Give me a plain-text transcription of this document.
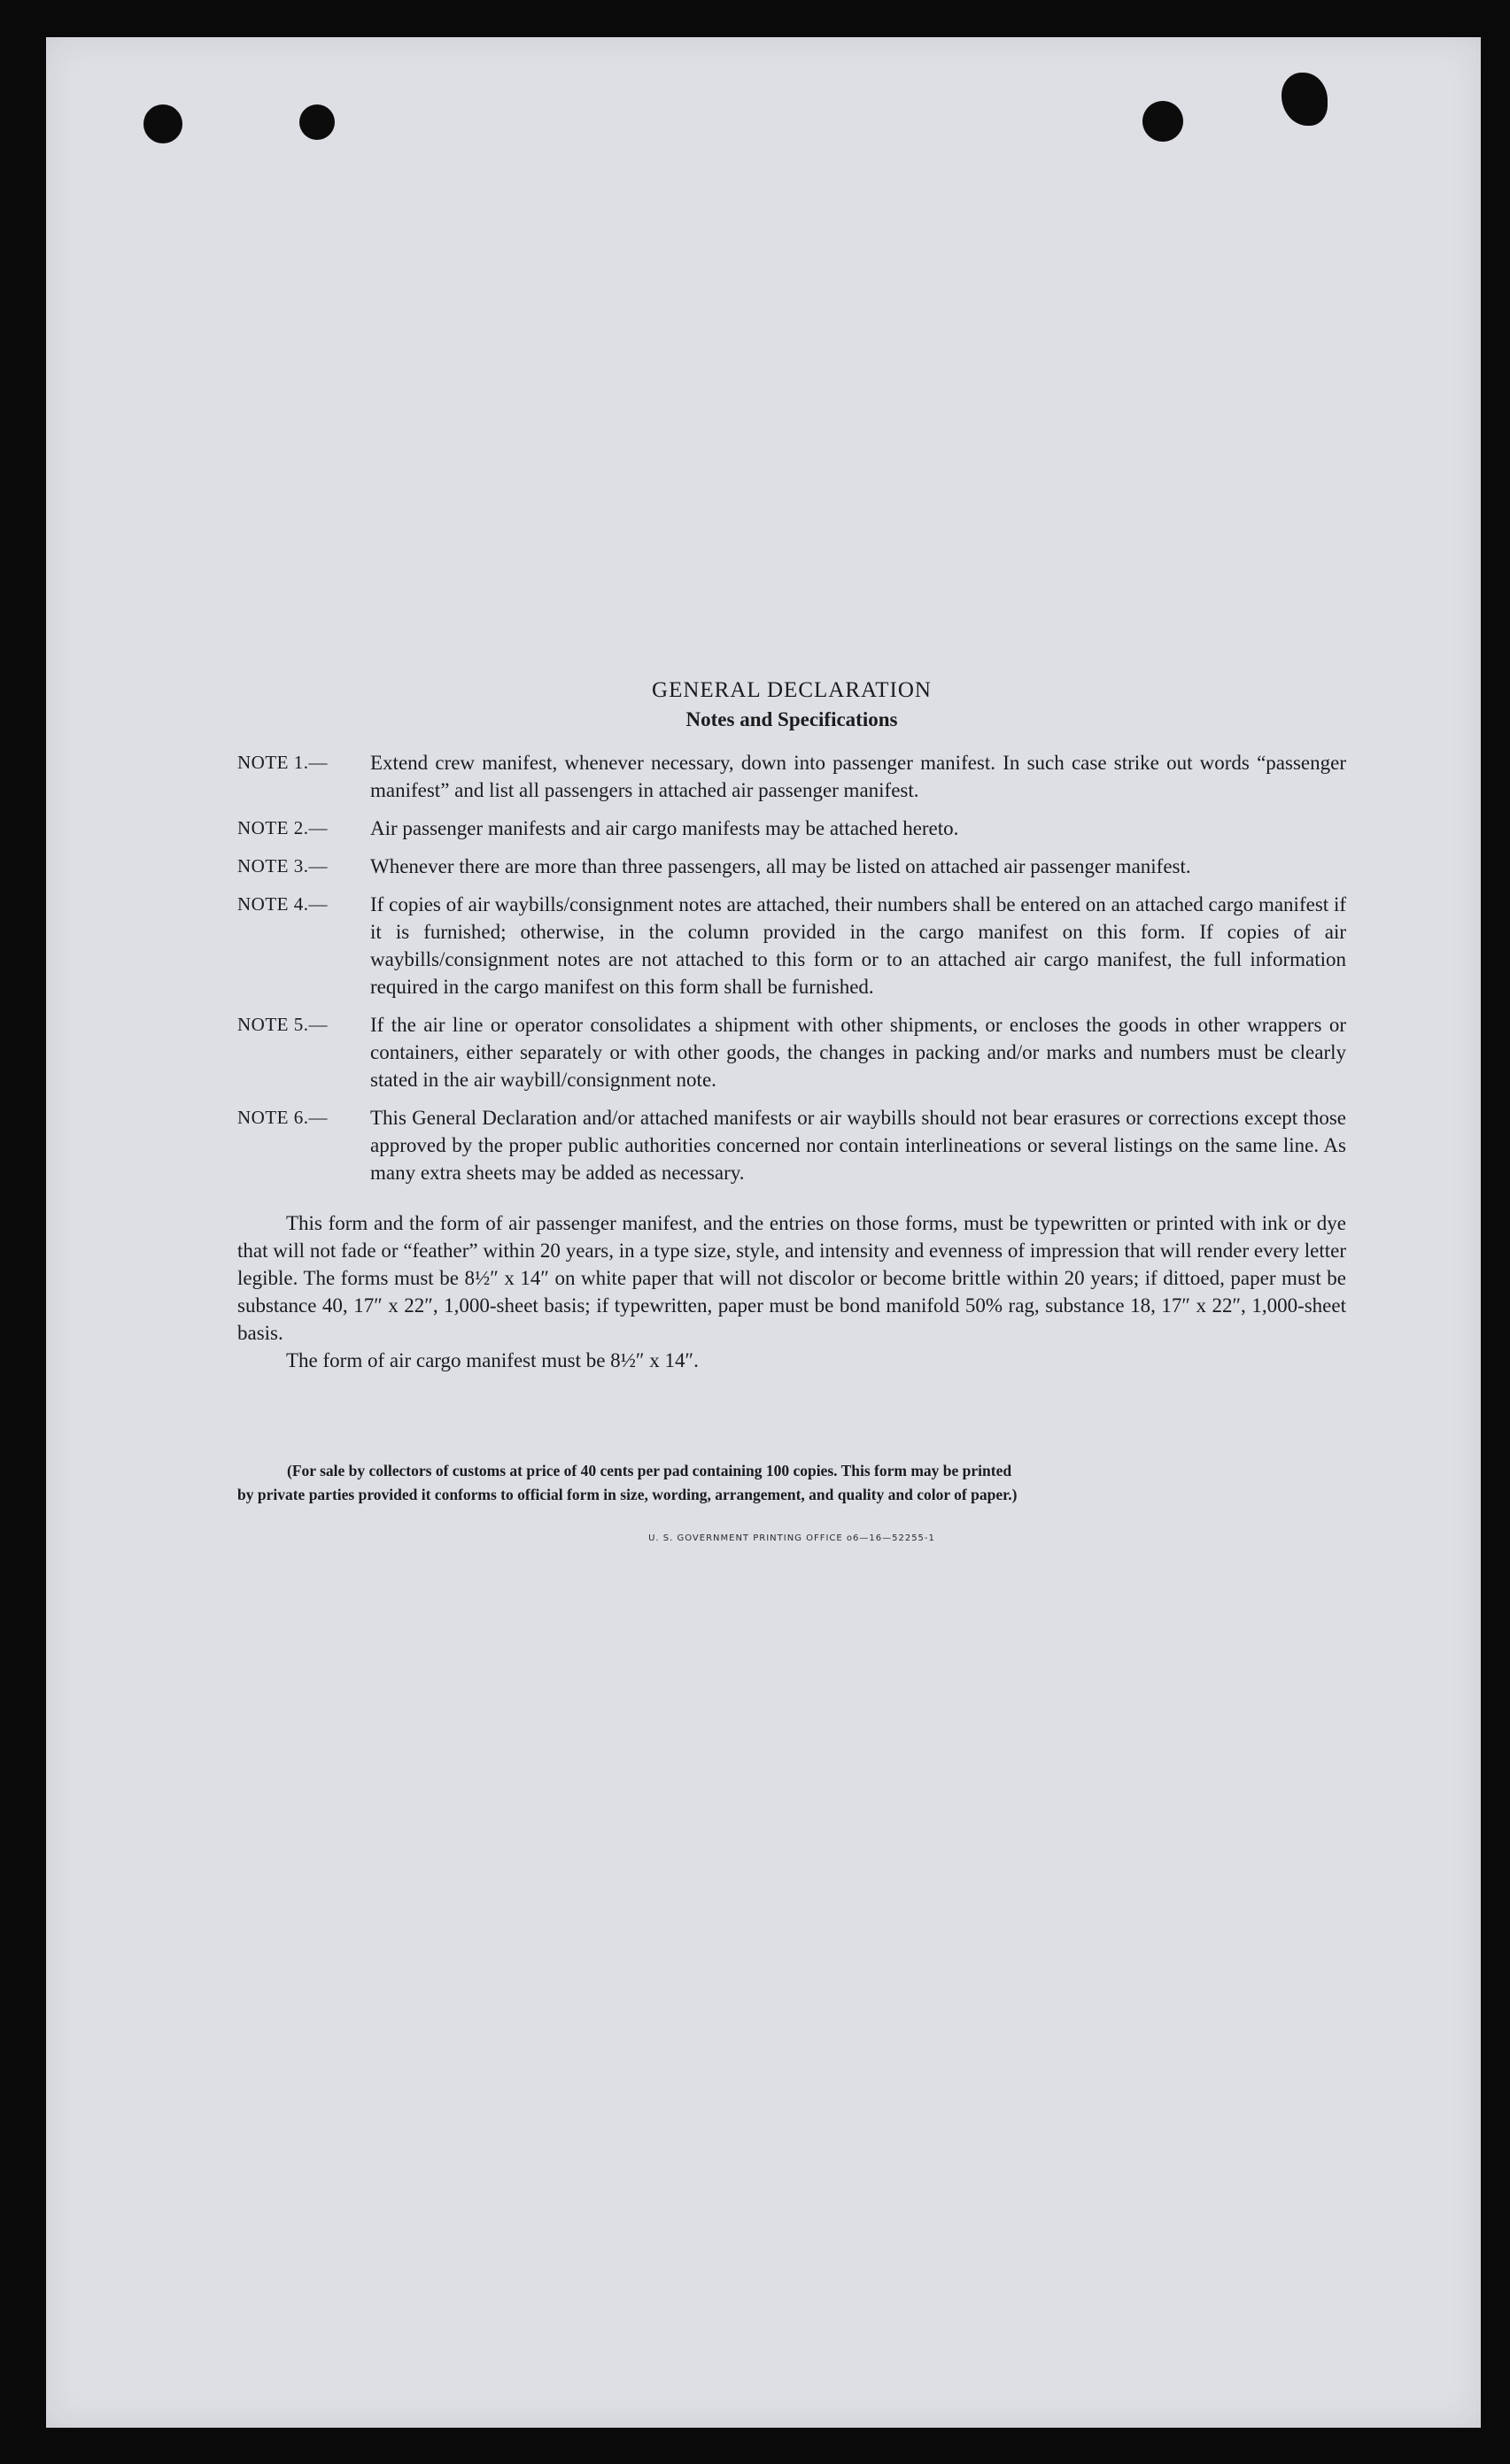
GENERAL DECLARATION
Notes and Specifications
NOTE 1.—	Extend crew manifest, whenever necessary, down into passenger manifest. In such case strike out words “passenger manifest” and list all passengers in attached air passenger manifest.
NOTE 2.—	Air passenger manifests and air cargo manifests may be attached hereto.
NOTE 3.—	Whenever there are more than three passengers, all may be listed on attached air passenger manifest.
NOTE 4.—	If copies of air waybills/consignment notes are attached, their numbers shall be entered on an attached cargo manifest if it is furnished; otherwise, in the column provided in the cargo manifest on this form. If copies of air waybills/consignment notes are not attached to this form or to an attached air cargo manifest, the full information required in the cargo manifest on this form shall be furnished.
NOTE 5.—	If the air line or operator consolidates a shipment with other shipments, or encloses the goods in other wrappers or containers, either separately or with other goods, the changes in packing and/or marks and numbers must be clearly stated in the air waybill/consignment note.
NOTE 6.—	This General Declaration and/or attached manifests or air waybills should not bear erasures or corrections except those approved by the proper public authorities concerned nor contain interlineations or several listings on the same line. As many extra sheets may be added as necessary.

This form and the form of air passenger manifest, and the entries on those forms, must be typewritten or printed with ink or dye that will not fade or “feather” within 20 years, in a type size, style, and intensity and evenness of impression that will render every letter legible. The forms must be 8½″ x 14″ on white paper that will not discolor or become brittle within 20 years; if dittoed, paper must be substance 40, 17″ x 22″, 1,000-sheet basis; if typewritten, paper must be bond manifold 50% rag, substance 18, 17″ x 22″, 1,000-sheet basis.

The form of air cargo manifest must be 8½″ x 14″.

(For sale by collectors of customs at price of 40 cents per pad containing 100 copies. This form may be printed
by private parties provided it conforms to official form in size, wording, arrangement, and quality and color of paper.)
U. S. GOVERNMENT PRINTING OFFICE o6—16—52255-1
